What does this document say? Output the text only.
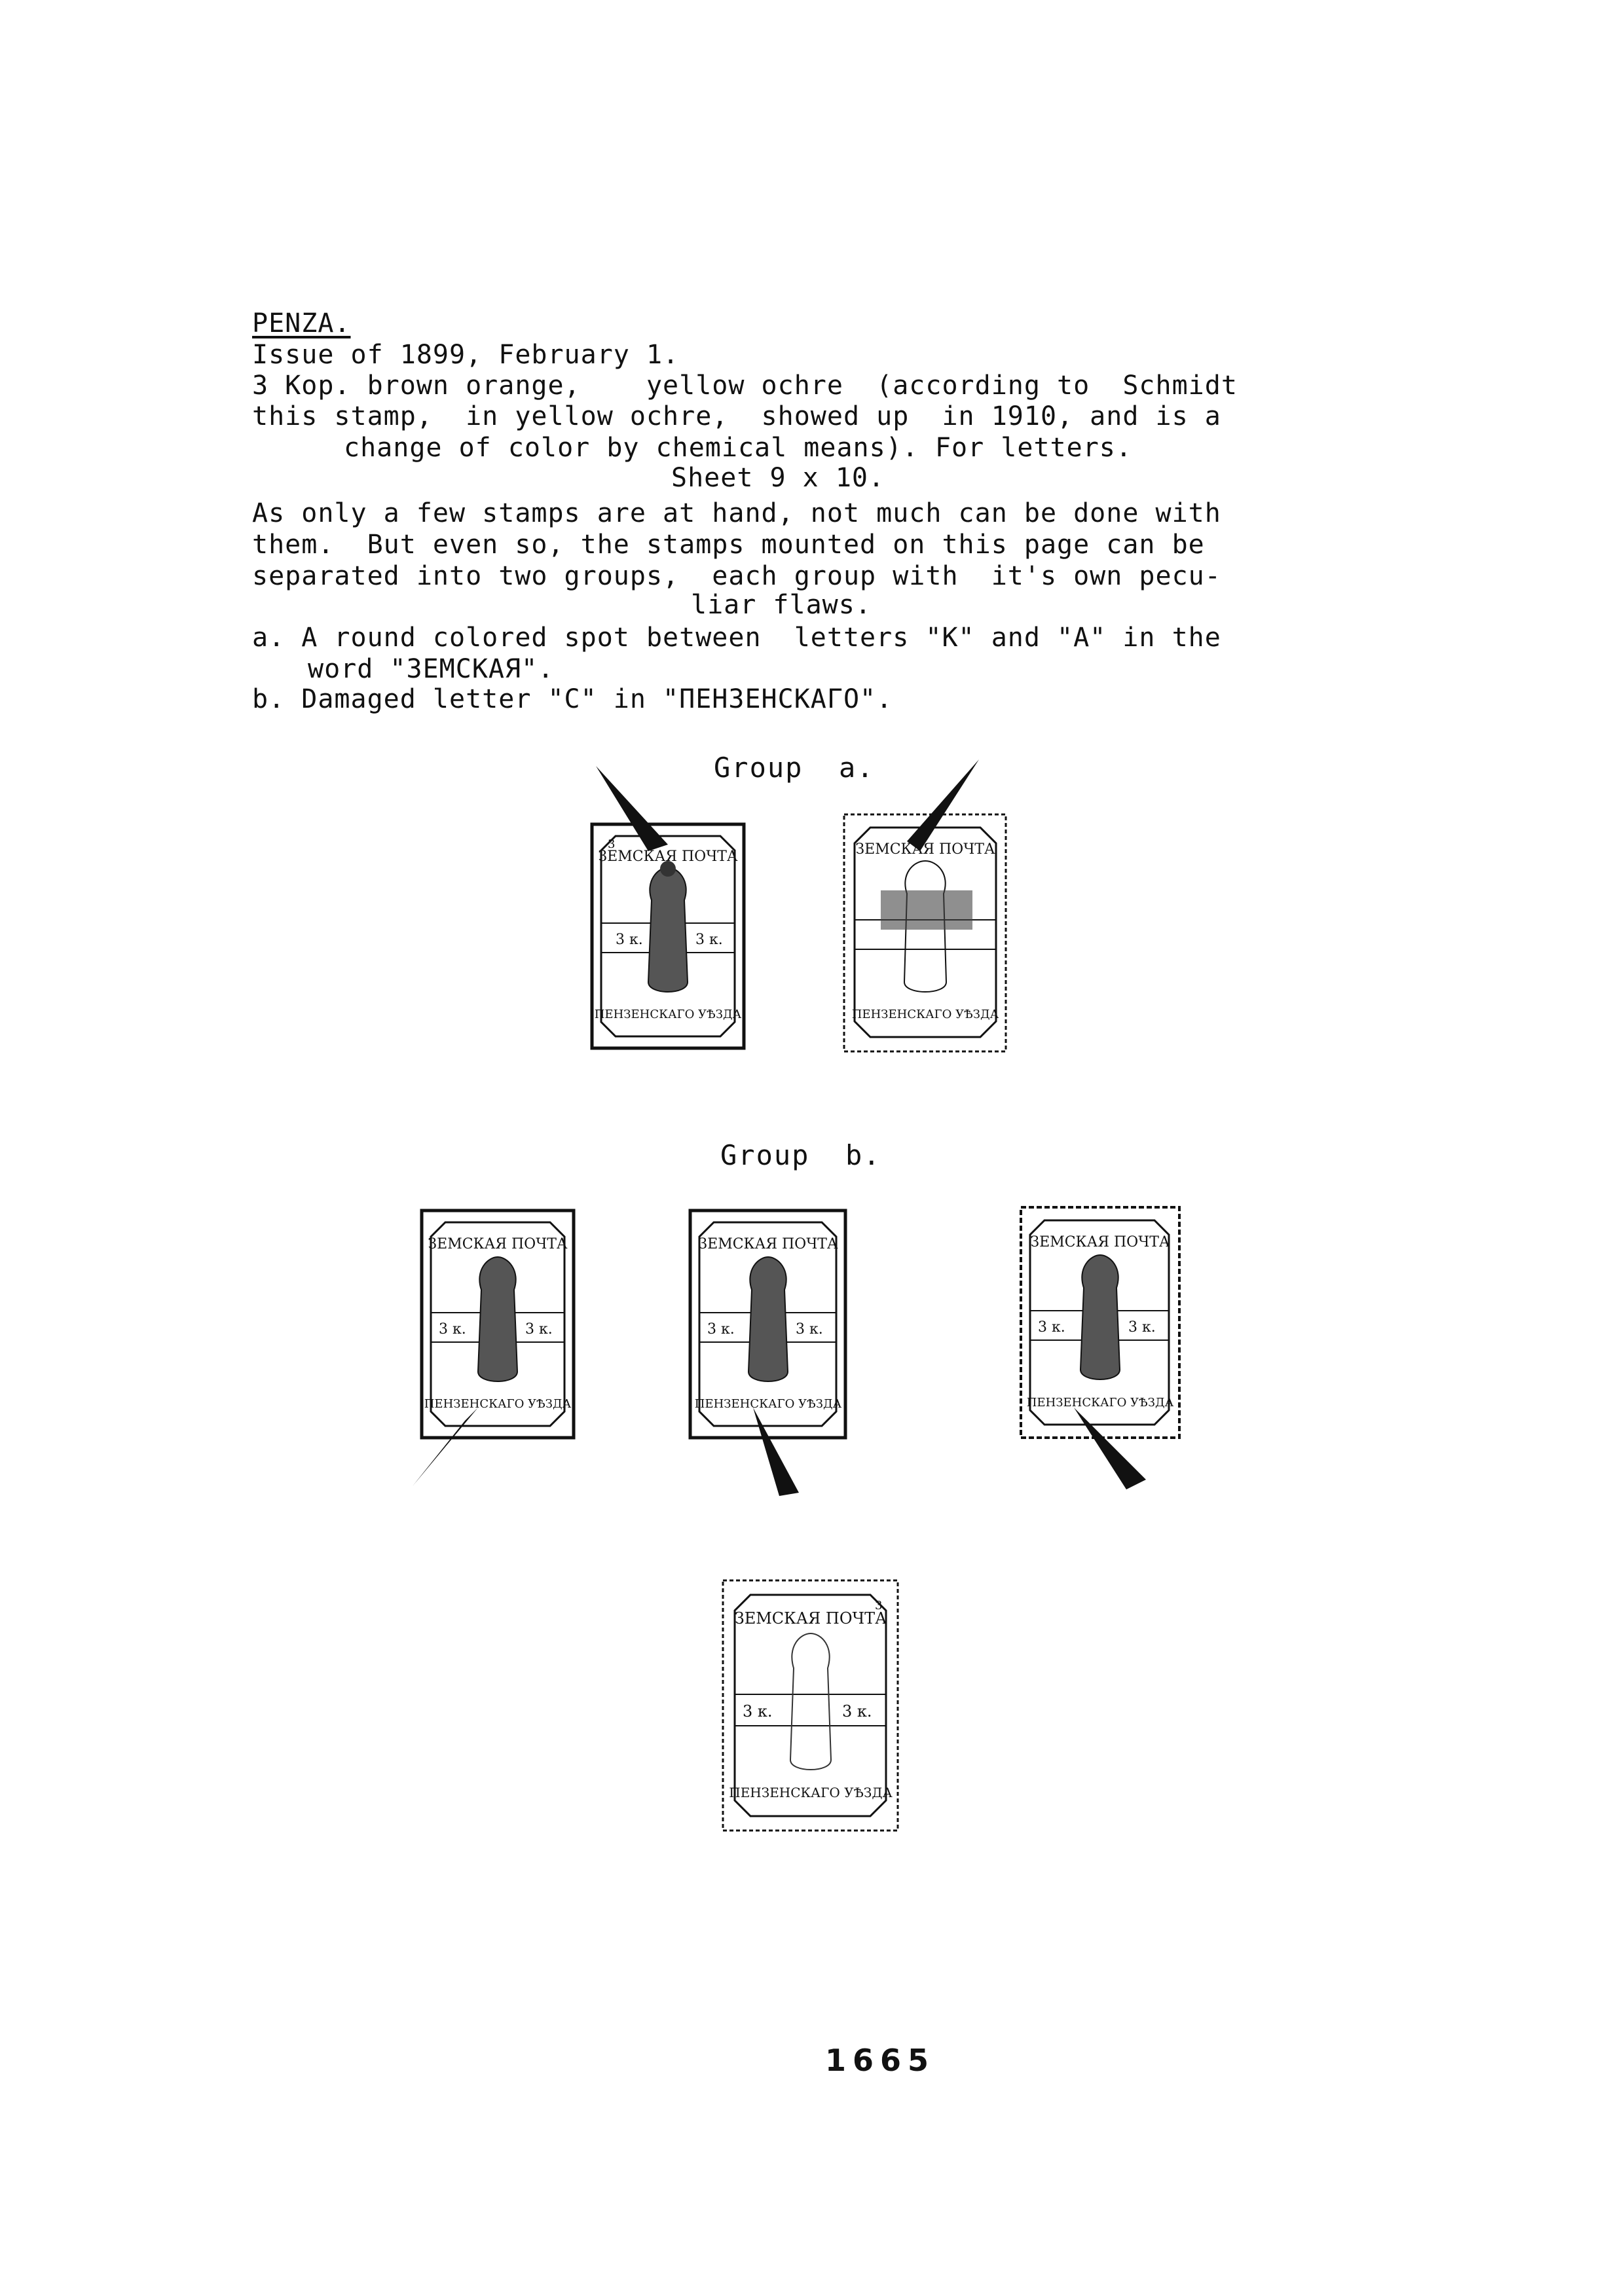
PENZA.
Issue of 1899, February 1.
3 Kop. brown orange,    yellow ochre  (according to  Schmidt
this stamp,  in yellow ochre,  showed up  in 1910, and is a
change of color by chemical means). For letters.
Sheet 9 x 10.
As only a few stamps are at hand, not much can be done with
them.  But even so, the stamps mounted on this page can be
separated into two groups,  each group with  it's own pecu-
liar flaws.
a. A round colored spot between  letters "K" and "A" in the
word "ЗЕМСКАЯ".
b. Damaged letter "C" in "ПЕНЗЕНСКАГО".
Group  a.
ЗЕМСКАЯ ПОЧТА
ПЕНЗЕНСКАГО УѢЗДА
3 к.	3 к.
3	ЗЕМСКАЯ ПОЧТА
ПЕНЗЕНСКАГО УѢЗДА
Group  b.
ЗЕМСКАЯ ПОЧТА
ПЕНЗЕНСКАГО УѢЗДА
3 к.	3 к.
ЗЕМСКАЯ ПОЧТА
ПЕНЗЕНСКАГО УѢЗДА
3 к.	3 к.
ЗЕМСКАЯ ПОЧТА
ПЕНЗЕНСКАГО УѢЗДА
3 к.	3 к.
ЗЕМСКАЯ ПОЧТА
ПЕНЗЕНСКАГО УѢЗДА
3 к.	3 к.
3
1665
